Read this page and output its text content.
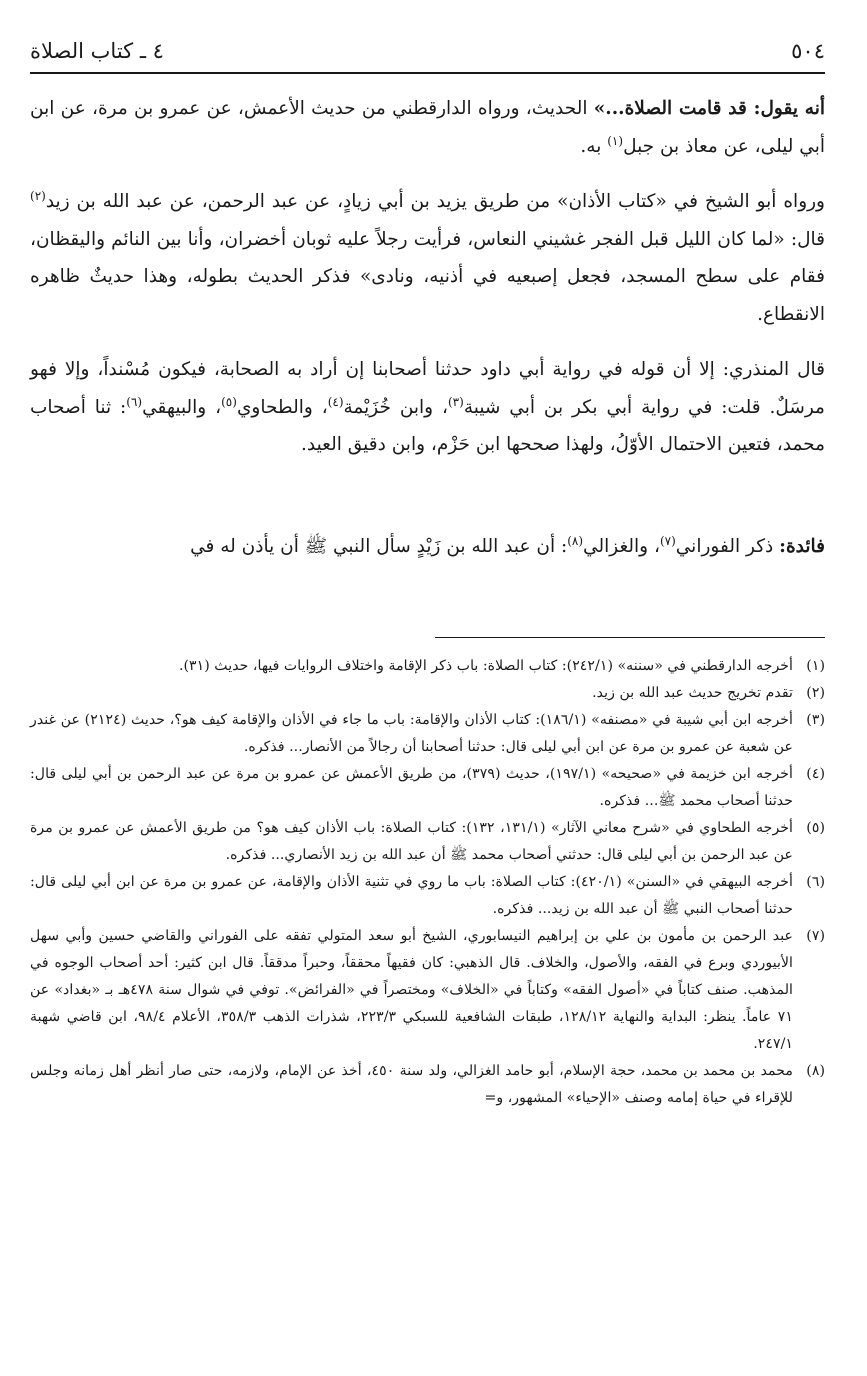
٥٠٤
٤ ـ كتاب الصلاة

أنه يقول: قد قامت الصلاة...» الحديث، ورواه الدارقطني من حديث الأعمش، عن عمرو بن مرة، عن ابن أبي ليلى، عن معاذ بن جبل$^{(١)}$ به.

ورواه أبو الشيخ في «كتاب الأذان» من طريق يزيد بن أبي زيادٍ، عن عبد الرحمن، عن عبد الله بن زيد$^{(٢)}$ قال: «لما كان الليل قبل الفجر غشيني النعاس، فرأيت رجلاً عليه ثوبان أخضران، وأنا بين النائم واليقظان، فقام على سطح المسجد، فجعل إصبعيه في أذنيه، ونادى» فذكر الحديث بطوله، وهذا حديثٌ ظاهره الانقطاع.

قال المنذري: إلا أن قوله في رواية أبي داود حدثنا أصحابنا إن أراد به الصحابة، فيكون مُسْنداً، وإلا فهو مرسَلٌ. قلت: في رواية أبي بكر بن أبي شيبة$^{(٣)}$، وابن خُزَيْمة$^{(٤)}$، والطحاوي$^{(٥)}$، والبيهقي$^{(٦)}$: ثنا أصحاب محمد، فتعين الاحتمال الأوّلُ، ولهذا صححها ابن حَزْم، وابن دقيق العيد.

فائدة: ذكر الفوراني$^{(٧)}$، والغزالي$^{(٨)}$: أن عبد الله بن زَيْدٍ سأل النبي ﷺ أن يأذن له في

(١)
أخرجه الدارقطني في «سننه» (٢٤٢/١): كتاب الصلاة: باب ذكر الإقامة واختلاف الروايات فيها، حديث (٣١).
(٢)
تقدم تخريج حديث عبد الله بن زيد.
(٣)
أخرجه ابن أبي شيبة في «مصنفه» (١٨٦/١): كتاب الأذان والإقامة: باب ما جاء في الأذان والإقامة كيف هو؟، حديث (٢١٢٤) عن غندر عن شعبة عن عمرو بن مرة عن ابن أبي ليلى قال: حدثنا أصحابنا أن رجالاً من الأنصار... فذكره.
(٤)
أخرجه ابن خزيمة في «صحيحه» (١٩٧/١)، حديث (٣٧٩)، من طريق الأعمش عن عمرو بن مرة عن عبد الرحمن بن أبي ليلى قال: حدثنا أصحاب محمد ﷺ... فذكره.
(٥)
أخرجه الطحاوي في «شرح معاني الآثار» (١٣١/١، ١٣٢): كتاب الصلاة: باب الأذان كيف هو؟ من طريق الأعمش عن عمرو بن مرة عن عبد الرحمن بن أبي ليلى قال: حدثني أصحاب محمد ﷺ أن عبد الله بن زيد الأنصاري... فذكره.
(٦)
أخرجه البيهقي في «السنن» (٤٢٠/١): كتاب الصلاة: باب ما روي في تثنية الأذان والإقامة، عن عمرو بن مرة عن ابن أبي ليلى قال: حدثنا أصحاب النبي ﷺ أن عبد الله بن زيد... فذكره.
(٧)
عبد الرحمن بن مأمون بن علي بن إبراهيم النيسابوري، الشيخ أبو سعد المتولي تفقه على الفوراني والقاضي حسين وأبي سهل الأبيوردي وبرع في الفقه، والأصول، والخلاف. قال الذهبي: كان فقيهاً محققاً، وحبراً مدققاً. قال ابن كثير: أحد أصحاب الوجوه في المذهب. صنف كتاباً في «أصول الفقه» وكتاباً في «الخلاف» ومختصراً في «الفرائض». توفي في شوال سنة ٤٧٨هـ بـ «بغداد» عن ٧١ عاماً. ينظر: البداية والنهاية ١٢٨/١٢، طبقات الشافعية للسبكي ٢٢٣/٣، شذرات الذهب ٣٥٨/٣، الأعلام ٩٨/٤، ابن قاضي شهبة ٢٤٧/١.
(٨)
محمد بن محمد بن محمد، حجة الإسلام، أبو حامد الغزالي، ولد سنة ٤٥٠، أخذ عن الإمام، ولازمه، حتى صار أنظر أهل زمانه وجلس للإقراء في حياة إمامه وصنف «الإحياء» المشهور، و=
